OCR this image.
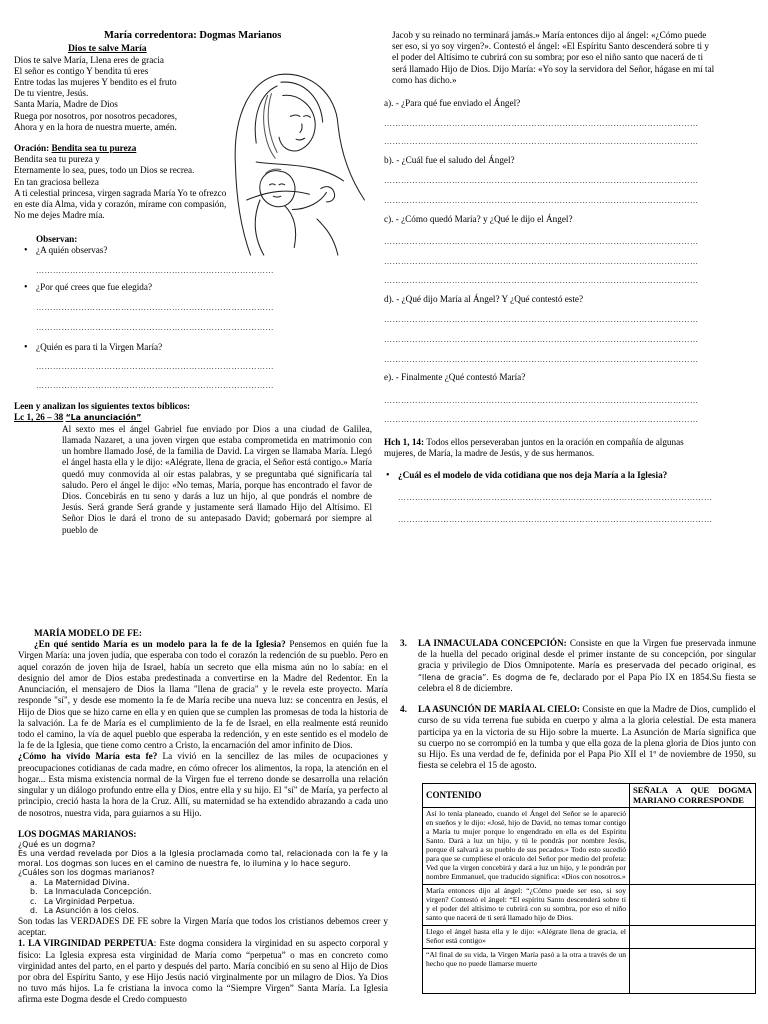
María corredentora: Dogmas Marianos

Dios te salve María

Dios te salve María, Llena eres de gracia

El señor es contigo Y bendita tú eres

Entre todas las mujeres Y bendito es el fruto

De tu vientre, Jesús.

Santa María, Madre de Dios

Ruega por nosotros, por nosotros pecadores,

Ahora y en la hora de nuestra muerte, amén.

Oración: Bendita sea tu pureza

Bendita sea tu pureza y

Eternamente lo sea, pues, todo un Dios se recrea.

En tan graciosa belleza

A ti celestial princesa, virgen sagrada María Yo te ofrezco en este día Alma, vida y corazón, mírame con compasión, No me dejes Madre mía.

Observan:

• ¿A quién observas?
…………………………………………………………………………
• ¿Por qué crees que fue elegida?
…………………………………………………………………………
…………………………………………………………………………
• ¿Quién es para ti la Virgen María?
…………………………………………………………………………
…………………………………………………………………………

Leen y analizan los siguientes textos bíblicos:

Lc 1, 26 – 38 “La anunciación”

Al sexto mes el ángel Gabriel fue enviado por Dios a una ciudad de Galilea, llamada Nazaret, a una joven virgen que estaba comprometida en matrimonio con un hombre llamado José, de la familia de David. La virgen se llamaba María. Llegó el ángel hasta ella y le dijo: «Alégrate, llena de gracia, el Señor está contigo.» María quedó muy conmovida al oír estas palabras, y se preguntaba qué significaría tal saludo. Pero el ángel le dijo: «No temas, María, porque has encontrado el favor de Dios. Concebirás en tu seno y darás a luz un hijo, al que pondrás el nombre de Jesús. Será grande Será grande y justamente será llamado Hijo del Altísimo. El Señor Dios le dará el trono de su antepasado David; gobernará por siempre al pueblo de

Jacob y su reinado no terminará jamás.» María entonces dijo al ángel: «¿Cómo puede ser eso, si yo soy virgen?». Contestó el ángel: «El Espíritu Santo descenderá sobre ti y el poder del Altísimo te cubrirá con su sombra; por eso el niño santo que nacerá de ti será llamado Hijo de Dios. Dijo María: «Yo soy la servidora del Señor, hágase en mí tal como has dicho.»

a). - ¿Para qué fue enviado el Ángel?

…………………………………………………………………………………………………
…………………………………………………………………………………………………

b). - ¿Cuál fue el saludo del Ángel?

…………………………………………………………………………………………………
…………………………………………………………………………………………………

c). - ¿Cómo quedó María? y ¿Qué le dijo el Ángel?

…………………………………………………………………………………………………
…………………………………………………………………………………………………
…………………………………………………………………………………………………

d). - ¿Qué dijo María al Ángel? Y ¿Qué contestó este?

…………………………………………………………………………………………………
…………………………………………………………………………………………………
…………………………………………………………………………………………………

e). - Finalmente ¿Qué contestó María?

…………………………………………………………………………………………………
…………………………………………………………………………………………………

Hch 1, 14: Todos ellos perseveraban juntos en la oración en compañía de algunas mujeres, de María, la madre de Jesús, y de sus hermanos.

• ¿Cuál es el modelo de vida cotidiana que nos deja María a la Iglesia?
…………………………………………………………………………………………………
…………………………………………………………………………………………………

MARÍA MODELO DE FE:

¿En qué sentido María es un modelo para la fe de la Iglesia? Pensemos en quién fue la Virgen María: una joven judía, que esperaba con todo el corazón la redención de su pueblo. Pero en aquel corazón de joven hija de Israel, había un secreto que ella misma aún no lo sabía: en el designio del amor de Dios estaba predestinada a convertirse en la Madre del Redentor. En la Anunciación, el mensajero de Dios la llama "llena de gracia" y le revela este proyecto. María responde "sí", y desde ese momento la fe de María recibe una nueva luz: se concentra en Jesús, el Hijo de Dios que se hizo carne en ella y en quien que se cumplen las promesas de toda la historia de la salvación. La fe de María es el cumplimiento de la fe de Israel, en ella realmente está reunido todo el camino, la vía de aquel pueblo que esperaba la redención, y en este sentido es el modelo de la fe de la Iglesia, que tiene como centro a Cristo, la encarnación del amor infinito de Dios.

¿Cómo ha vivido María esta fe? La vivió en la sencillez de las miles de ocupaciones y preocupaciones cotidianas de cada madre, en cómo ofrecer los alimentos, la ropa, la atención en el hogar... Esta misma existencia normal de la Virgen fue el terreno donde se desarrolla una relación singular y un diálogo profundo entre ella y Dios, entre ella y su hijo. El "sí" de María, ya perfecto al principio, creció hasta la hora de la Cruz. Allí, su maternidad se ha extendido abrazando a cada uno de nosotros, nuestra vida, para guiarnos a su Hijo.

LOS DOGMAS MARIANOS:

¿Qué es un dogma?

Es una verdad revelada por Dios a la Iglesia proclamada como tal, relacionada con la fe y la moral. Los dogmas son luces en el camino de nuestra fe, lo ilumina y lo hace seguro.

¿Cuáles son los dogmas marianos?

a. La Maternidad Divina.

b. La Inmaculada Concepción.

c. La Virginidad Perpetua.

d. La Asunción a los cielos.

Son todas las VERDADES DE FE sobre la Virgen María que todos los cristianos debemos creer y aceptar.

1. LA VIRGINIDAD PERPETUA: Este dogma considera la virginidad en su aspecto corporal y físico: La Iglesia expresa esta virginidad de María como “perpetua” o mas en concreto como virginidad antes del parto, en el parto y después del parto. María concibió en su seno al Hijo de Dios por obra del Espíritu Santo, y ese Hijo Jesús nació virginalmente por un milagro de Dios. Ya Dios no tuvo más hijos. La fe cristiana la invoca como la “Siempre Virgen” Santa María. La Iglesia afirma este Dogma desde el Credo compuesto

3. LA INMACULADA CONCEPCIÓN: Consiste en que la Virgen fue preservada inmune de la huella del pecado original desde el primer instante de su concepción, por singular gracia y privilegio de Dios Omnipotente. María es preservada del pecado original, es “llena de gracia”. Es dogma de fe, declarado por el Papa Pío IX en 1854.Su fiesta se celebra el 8 de diciembre.

4. LA ASUNCIÓN DE MARÍA AL CIELO: Consiste en que la Madre de Dios, cumplido el curso de su vida terrena fue subida en cuerpo y alma a la gloria celestial. De esta manera participa ya en la victoria de su Hijo sobre la muerte. La Asunción de María significa que su cuerpo no se corrompió en la tumba y que ella goza de la plena gloria de Dios junto con su Hijo. Es una verdad de fe, definida por el Papa Pio XII el 1º de noviembre de 1950, su fiesta se celebra el 15 de agosto.

CONTENIDO	SEÑALA A QUE DOGMA MARIANO CORRESPONDE
Así lo tenía planeado, cuando el Ángel del Señor se le apareció en sueños y le dijo: «José, hijo de David, no temas tomar contigo a María tu mujer porque lo engendrado en ella es del Espíritu Santo. Dará a luz un hijo, y tú le pondrás por nombre Jesús, porque él salvará a su pueblo de sus pecados.» Todo esto sucedió para que se cumpliese el oráculo del Señor por medio del profeta: Ved que la virgen concebirá y dará a luz un hijo, y le pondrán por nombre Emmanuel, que traducido significa: «Dios con nosotros.»	
María entonces dijo al ángel: “¿Cómo puede ser eso, si soy virgen? Contestó el ángel: “El espíritu Santo descenderá sobre ti y el poder del altísimo te cubrirá con su sombra, por eso el niño santo que nacerá de ti será llamado hijo de Dios.	
Llego el ángel hasta ella y le dijo: «Alégrate llena de gracia, el Señor está contigo»	
“Al final de su vida, la Virgen María pasó a la otra a través de un hecho que no puede llamarse muerte	
